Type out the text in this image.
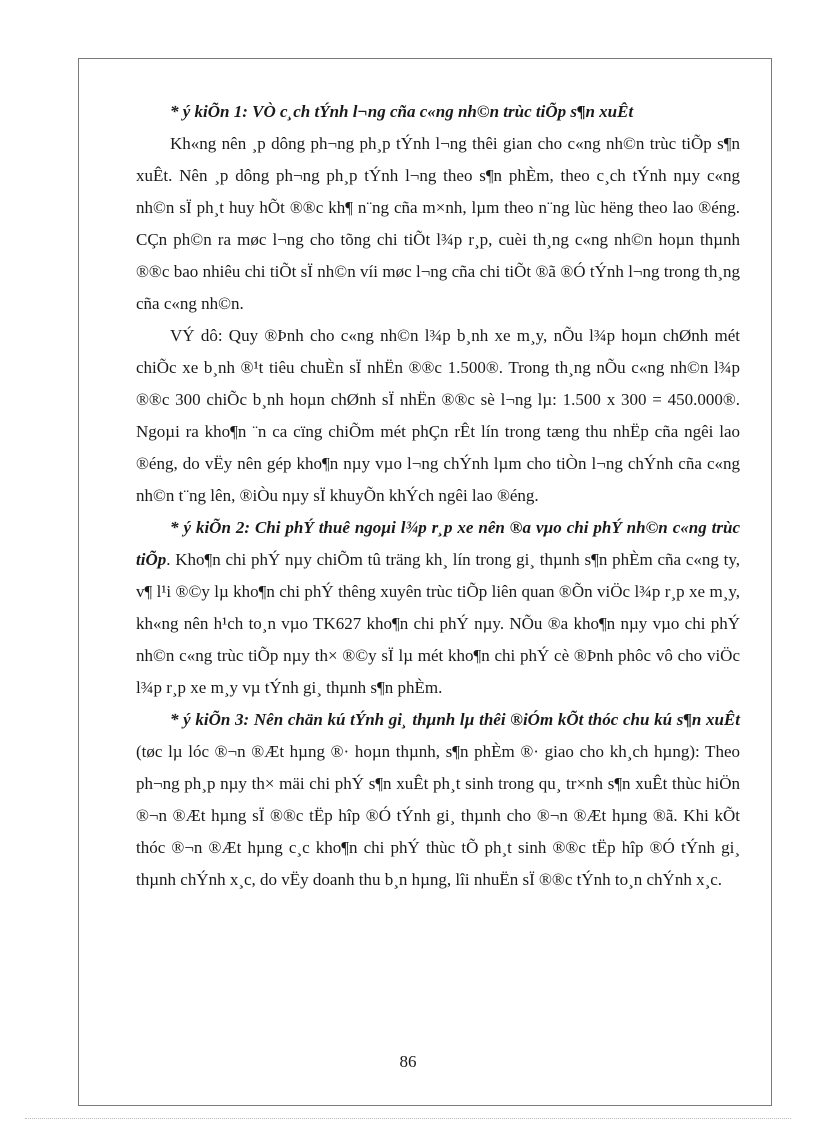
* ý kiÕn 1: VÒ c¸ch tÝnh l¬ng cña c«ng nh©n trùc tiÕp s¶n xuÊt

Kh«ng nên ¸p dông ph¬ng ph¸p tÝnh l¬ng thêi gian cho c«ng nh©n trùc tiÕp s¶n xuÊt. Nên ¸p dông ph¬ng ph¸p tÝnh l¬ng theo s¶n phÈm, theo c¸ch tÝnh nµy c«ng nh©n sÏ ph¸t huy hÕt ®®c kh¶ n¨ng cña m×nh, lµm theo n¨ng lùc hëng theo lao ®éng. CÇn ph©n ra møc l¬ng cho tõng chi tiÕt l¾p r¸p, cuèi th¸ng c«ng nh©n hoµn thµnh ®®c bao nhiêu chi tiÕt sÏ nh©n víi møc l¬ng cña chi tiÕt ®ã ®Ó tÝnh l¬ng trong th¸ng cña c«ng nh©n.

VÝ dô: Quy ®Þnh cho c«ng nh©n l¾p b¸nh xe m¸y, nÕu l¾p hoµn chØnh mét chiÕc xe b¸nh ®¹t tiêu chuÈn sÏ nhËn ®®c 1.500®. Trong th¸ng nÕu c«ng nh©n l¾p ®®c 300 chiÕc b¸nh hoµn chØnh sÏ nhËn ®®c sè l¬ng lµ: 1.500 x 300 = 450.000®. Ngoµi ra kho¶n ¨n ca cïng chiÕm mét phÇn rÊt lín trong tæng thu nhËp cña ngêi lao ®éng, do vËy nên gép kho¶n nµy vµo l¬ng chÝnh lµm cho tiÒn l¬ng chÝnh cña c«ng nh©n t¨ng lên, ®iÒu nµy sÏ khuyÕn khÝch ngêi lao ®éng.

* ý kiÕn 2: Chi phÝ thuê ngoµi l¾p r¸p xe nên ®a vµo chi phÝ nh©n c«ng trùc tiÕp. Kho¶n chi phÝ nµy chiÕm tû träng kh¸ lín trong gi¸ thµnh s¶n phÈm cña c«ng ty, v¶ l¹i ®©y lµ kho¶n chi phÝ thêng xuyên trùc tiÕp liên quan ®Õn viÖc l¾p r¸p xe m¸y, kh«ng nên h¹ch to¸n vµo TK627 kho¶n chi phÝ nµy. NÕu ®a kho¶n nµy vµo chi phÝ nh©n c«ng trùc tiÕp nµy th× ®©y sÏ lµ mét kho¶n chi phÝ cè ®Þnh phôc vô cho viÖc l¾p r¸p xe m¸y vµ tÝnh gi¸ thµnh s¶n phÈm.

* ý kiÕn 3: Nên chän kú tÝnh gi¸ thµnh lµ thêi ®iÓm kÕt thóc chu kú s¶n xuÊt (tøc lµ lóc ®¬n ®Æt hµng ®· hoµn thµnh, s¶n phÈm ®· giao cho kh¸ch hµng): Theo ph¬ng ph¸p nµy th× mäi chi phÝ s¶n xuÊt ph¸t sinh trong qu¸ tr×nh s¶n xuÊt thùc hiÖn ®¬n ®Æt hµng sÏ ®®c tËp hîp ®Ó tÝnh gi¸ thµnh cho ®¬n ®Æt hµng ®ã. Khi kÕt thóc ®¬n ®Æt hµng c¸c kho¶n chi phÝ thùc tÕ ph¸t sinh ®®c tËp hîp ®Ó tÝnh gi¸ thµnh chÝnh x¸c, do vËy doanh thu b¸n hµng, lîi nhuËn sÏ ®®c tÝnh to¸n chÝnh x¸c.

86
